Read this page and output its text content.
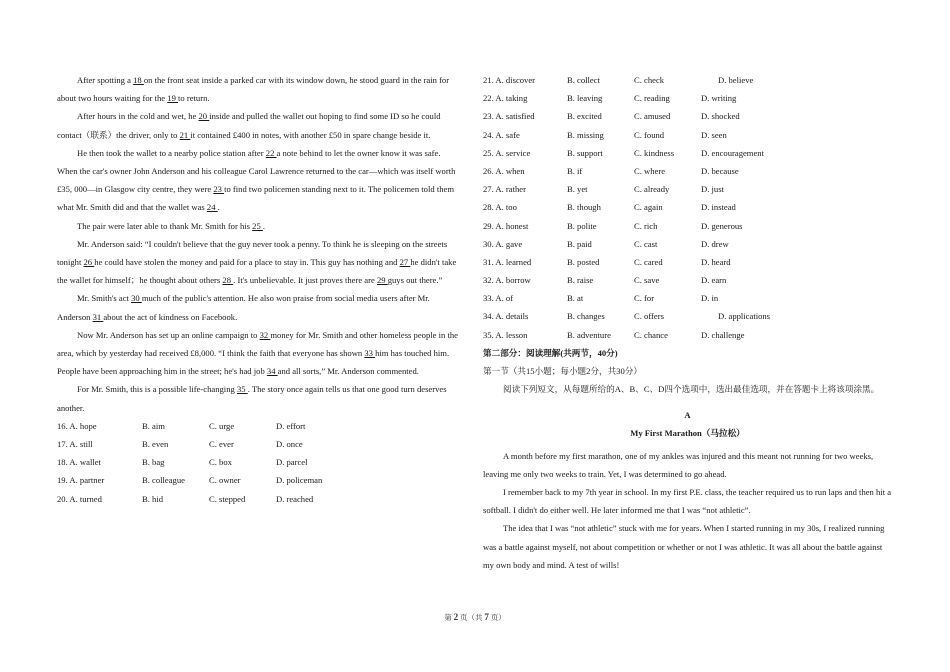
After spotting a 18 on the front seat inside a parked car with its window down, he stood guard in the rain for about two hours waiting for the 19 to return.

After hours in the cold and wet, he 20 inside and pulled the wallet out hoping to find some ID so he could contact（联系）the driver, only to 21 it contained £400 in notes, with another £50 in spare change beside it.

He then took the wallet to a nearby police station after 22 a note behind to let the owner know it was safe. When the car's owner John Anderson and his colleague Carol Lawrence returned to the car—which was itself worth £35, 000—in Glasgow city centre, they were 23 to find two policemen standing next to it. The policemen told them what Mr. Smith did and that the wallet was 24 .

The pair were later able to thank Mr. Smith for his 25 .

Mr. Anderson said: “I couldn't believe that the guy never took a penny. To think he is sleeping on the streets tonight 26 he could have stolen the money and paid for a place to stay in. This guy has nothing and 27 he didn't take the wallet for himself；he thought about others 28 . It's unbelievable. It just proves there are 29 guys out there.”

Mr. Smith's act 30 much of the public's attention. He also won praise from social media users after Mr. Anderson 31 about the act of kindness on Facebook.

Now Mr. Anderson has set up an online campaign to 32 money for Mr. Smith and other homeless people in the area, which by yesterday had received £8,000. “I think the faith that everyone has shown 33 him has touched him. People have been approaching him in the street; he's had job 34 and all sorts,” Mr. Anderson commented.

For Mr. Smith, this is a possible life-changing 35 . The story once again tells us that one good turn deserves another.

16. A. hope	B. aim	C. urge	D. effort
17. A. still	B. even	C. ever	D. once
18. A. wallet	B. bag	C. box	D. parcel
19. A. partner	B. colleague	C. owner	D. policeman
20. A. turned	B. hid	C. stepped	D. reached
21. A. discover	B. collect	C. check	D. believe
22. A. taking	B. leaving	C. reading	D. writing
23. A. satisfied	B. excited	C. amused	D. shocked
24. A. safe	B. missing	C. found	D. seen
25. A. service	B. support	C. kindness	D. encouragement
26. A. when	B. if	C. where	D. because
27. A. rather	B. yet	C. already	D. just
28. A. too	B. though	C. again	D. instead
29. A. honest	B. polite	C. rich	D. generous
30. A. gave	B. paid	C. cast	D. drew
31. A. learned	B. posted	C. cared	D. heard
32. A. borrow	B. raise	C. save	D. earn
33. A. of	B. at	C. for	D. in
34. A. details	B. changes	C. offers	D. applications
35. A. lesson	B. adventure	C. chance	D. challenge

第二部分：阅读理解(共两节，40分)

第一节（共15小题；每小题2分，共30分）

阅读下列短文，从每题所给的A、B、C、D四个选项中，选出最佳选项，并在答题卡上将该项涂黑。

A

My First Marathon（马拉松）

A month before my first marathon, one of my ankles was injured and this meant not running for two weeks, leaving me only two weeks to train. Yet, I was determined to go ahead.

I remember back to my 7th year in school. In my first P.E. class, the teacher required us to run laps and then hit a softball. I didn't do either well. He later informed me that I was “not athletic”.

The idea that I was “not athletic” stuck with me for years. When I started running in my 30s, I realized running was a battle against myself, not about competition or whether or not I was athletic. It was all about the battle against my own body and mind. A test of wills!

第 2 页（共 7 页）
